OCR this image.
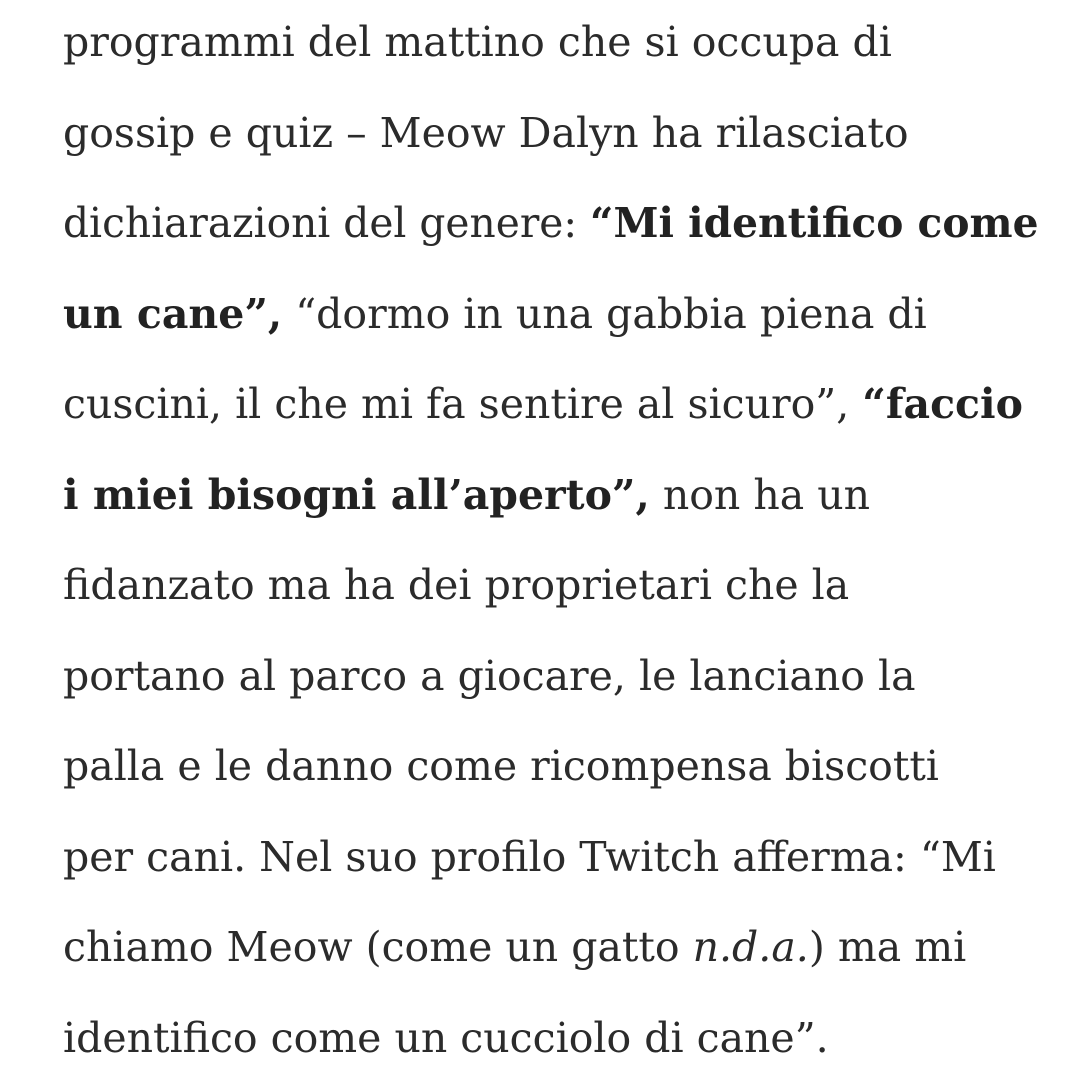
programmi del mattino che si occupa di
gossip e quiz – Meow Dalyn ha rilasciato
dichiarazioni del genere: “Mi identifico come
un cane”, “dormo in una gabbia piena di
cuscini, il che mi fa sentire al sicuro”, “faccio
i miei bisogni all’aperto”, non ha un
fidanzato ma ha dei proprietari che la
portano al parco a giocare, le lanciano la
palla e le danno come ricompensa biscotti
per cani. Nel suo profilo Twitch afferma: “Mi
chiamo Meow (come un gatto n.d.a.) ma mi
identifico come un cucciolo di cane”.
